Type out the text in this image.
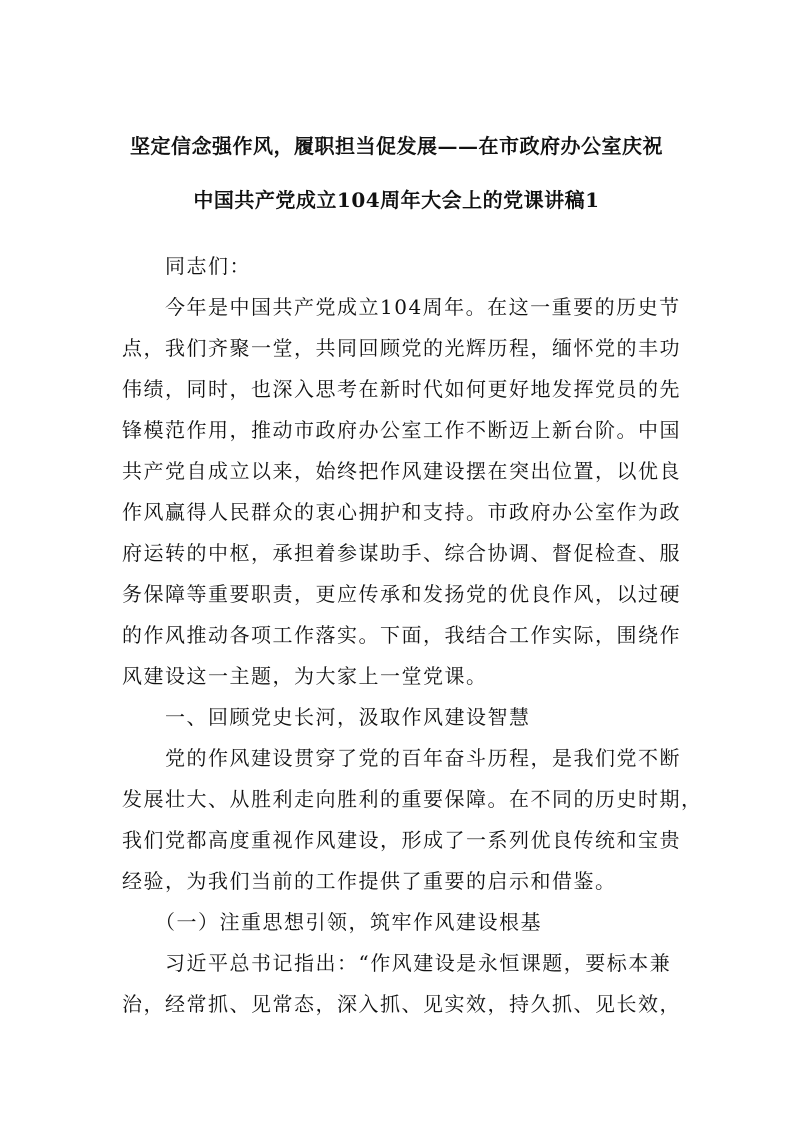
坚定信念强作风，履职担当促发展——在市政府办公室庆祝
中国共产党成立104周年大会上的党课讲稿1
　　同志们：
　　今年是中国共产党成立104周年。在这一重要的历史节
点，我们齐聚一堂，共同回顾党的光辉历程，缅怀党的丰功
伟绩，同时，也深入思考在新时代如何更好地发挥党员的先
锋模范作用，推动市政府办公室工作不断迈上新台阶。中国
共产党自成立以来，始终把作风建设摆在突出位置，以优良
作风赢得人民群众的衷心拥护和支持。市政府办公室作为政
府运转的中枢，承担着参谋助手、综合协调、督促检查、服
务保障等重要职责，更应传承和发扬党的优良作风，以过硬
的作风推动各项工作落实。下面，我结合工作实际，围绕作
风建设这一主题，为大家上一堂党课。
　　一、回顾党史长河，汲取作风建设智慧
　　党的作风建设贯穿了党的百年奋斗历程，是我们党不断
发展壮大、从胜利走向胜利的重要保障。在不同的历史时期，
我们党都高度重视作风建设，形成了一系列优良传统和宝贵
经验，为我们当前的工作提供了重要的启示和借鉴。
　　（一）注重思想引领，筑牢作风建设根基
　　习近平总书记指出：“作风建设是永恒课题，要标本兼
治，经常抓、见常态，深入抓、见实效，持久抓、见长效，
